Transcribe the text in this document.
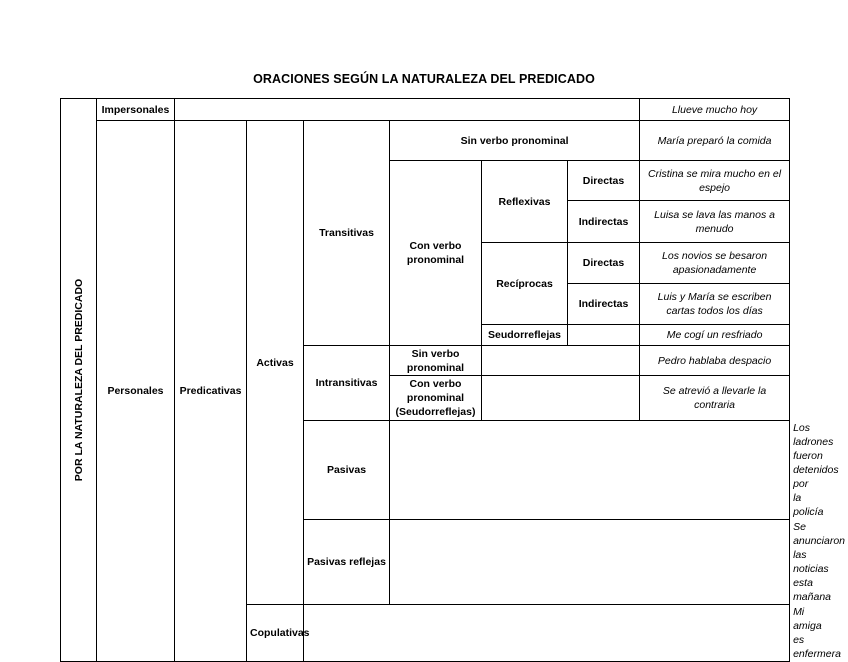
ORACIONES SEGÚN LA NATURALEZA DEL PREDICADO
POR LA NATURALEZA DEL PREDICADO	Impersonales							Llueve mucho hoy	
	Personales	Predicativas	Activas	Transitivas	Sin verbo pronominal			María preparó la comida	
					Con verbo pronominal	Reflexivas	Directas	Cristina se mira mucho en el espejo	
							Indirectas	Luisa se lava las manos a menudo	
						Recíprocas	Directas	Los novios se besaron apasionadamente	
							Indirectas	Luis y María se escriben cartas todos los días	
						Seudorreflejas		Me cogí un resfriado	
				Intransitivas	Sin verbo pronominal			Pedro hablaba despacio	
					Con verbo pronominal (Seudorreflejas)			Se atrevió a llevarle la contraria	
				Pasivas					Los ladrones fueron detenidos por la policía
				Pasivas reflejas					Se anunciaron las noticias esta mañana
			Copulativas						Mi amiga es enfermera
